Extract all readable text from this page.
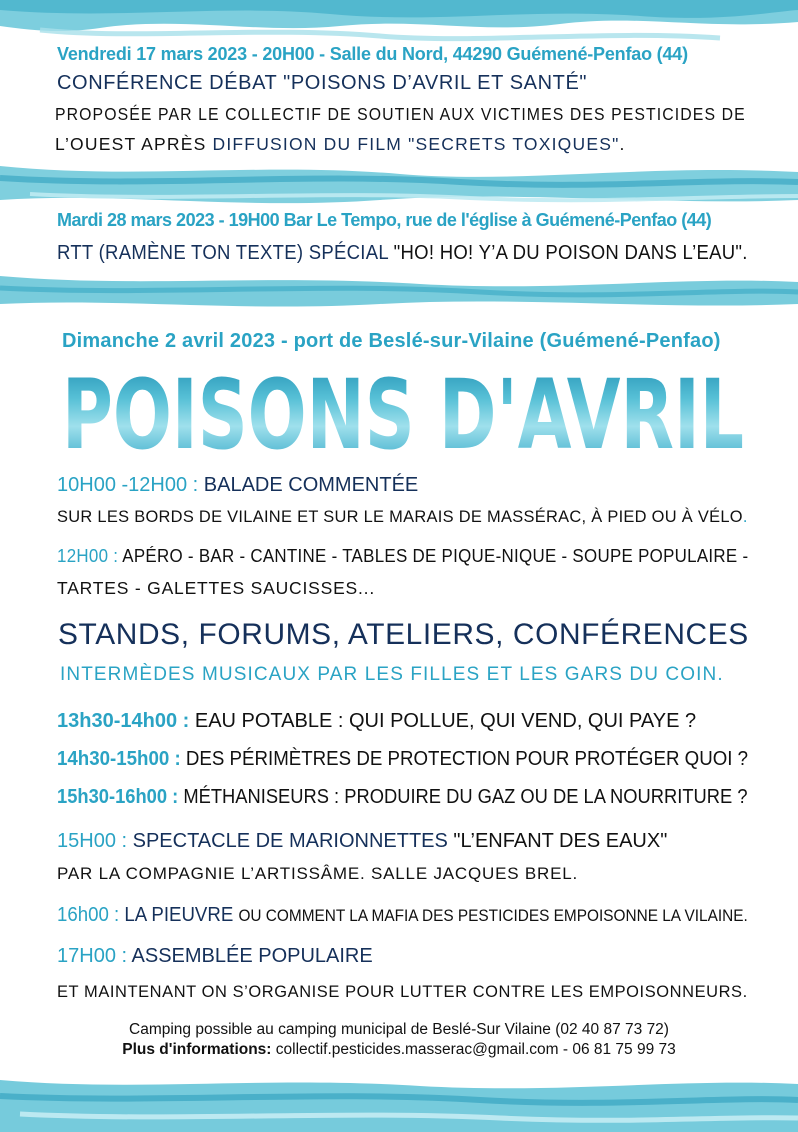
Vendredi 17 mars 2023 - 20H00 - Salle du Nord, 44290 Guémené-Penfao (44)
CONFÉRENCE DÉBAT "POISONS D’AVRIL ET SANTÉ"
PROPOSÉE PAR LE COLLECTIF DE SOUTIEN AUX VICTIMES DES PESTICIDES DE
L’OUEST APRÈS DIFFUSION DU FILM "SECRETS TOXIQUES".
Mardi 28 mars 2023 - 19H00 Bar Le Tempo, rue de l'église à Guémené-Penfao (44)
RTT (RAMÈNE TON TEXTE) SPÉCIAL "HO! HO! Y’A DU POISON DANS L’EAU".
Dimanche 2 avril 2023 - port de Beslé-sur-Vilaine (Guémené-Penfao)
POISONS D'AVRIL
10H00 -12H00 : BALADE COMMENTÉE
SUR LES BORDS DE VILAINE ET SUR LE MARAIS DE MASSÉRAC, À PIED OU À VÉLO.
12H00 : APÉRO - BAR - CANTINE - TABLES DE PIQUE-NIQUE - SOUPE POPULAIRE -
TARTES - GALETTES SAUCISSES...
STANDS, FORUMS, ATELIERS, CONFÉRENCES
INTERMÈDES MUSICAUX PAR LES FILLES ET LES GARS DU COIN.
13h30-14h00 : EAU POTABLE : QUI POLLUE, QUI VEND, QUI PAYE ?
14h30-15h00 : DES PÉRIMÈTRES DE PROTECTION POUR PROTÉGER QUOI ?
15h30-16h00 : MÉTHANISEURS : PRODUIRE DU GAZ OU DE LA NOURRITURE ?
15H00 : SPECTACLE DE MARIONNETTES "L’ENFANT DES EAUX"
PAR LA COMPAGNIE L’ARTISSÂME. SALLE JACQUES BREL.
16h00 : LA PIEUVRE OU COMMENT LA MAFIA DES PESTICIDES EMPOISONNE LA VILAINE.
17H00 : ASSEMBLÉE POPULAIRE
ET MAINTENANT ON S’ORGANISE POUR LUTTER CONTRE LES EMPOISONNEURS.
Camping possible au camping municipal de Beslé-Sur Vilaine (02 40 87 73 72)
Plus d'informations: collectif.pesticides.masserac@gmail.com - 06 81 75 99 73
